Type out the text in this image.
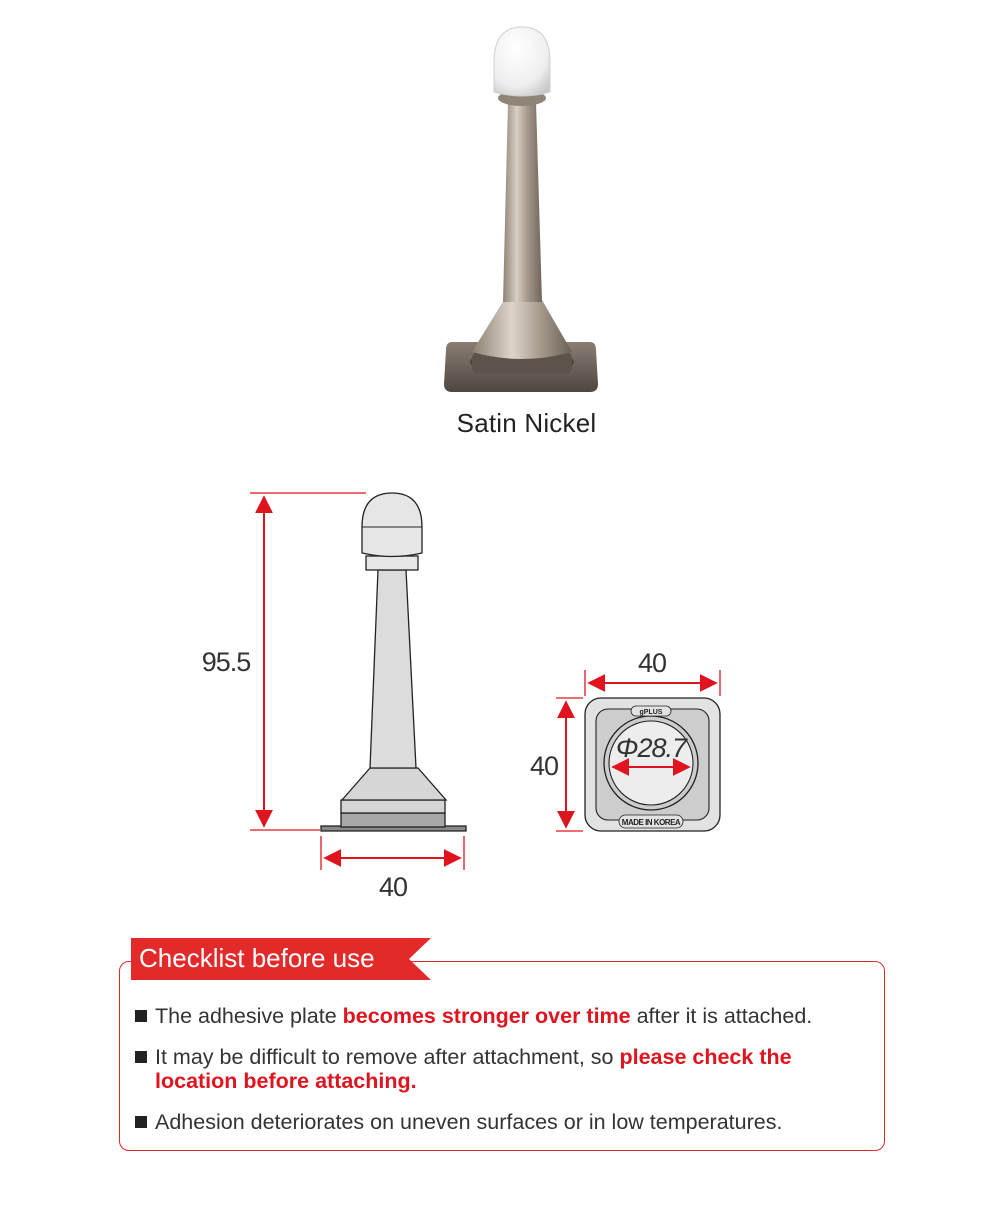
Satin Nickel
95.5
40
gPLUS
MADE IN KOREA
40
40
Φ28.7
Checklist before use
The adhesive plate becomes stronger over time after it is attached.
It may be difficult to remove after attachment, so please check the location before attaching.
Adhesion deteriorates on uneven surfaces or in low temperatures.
